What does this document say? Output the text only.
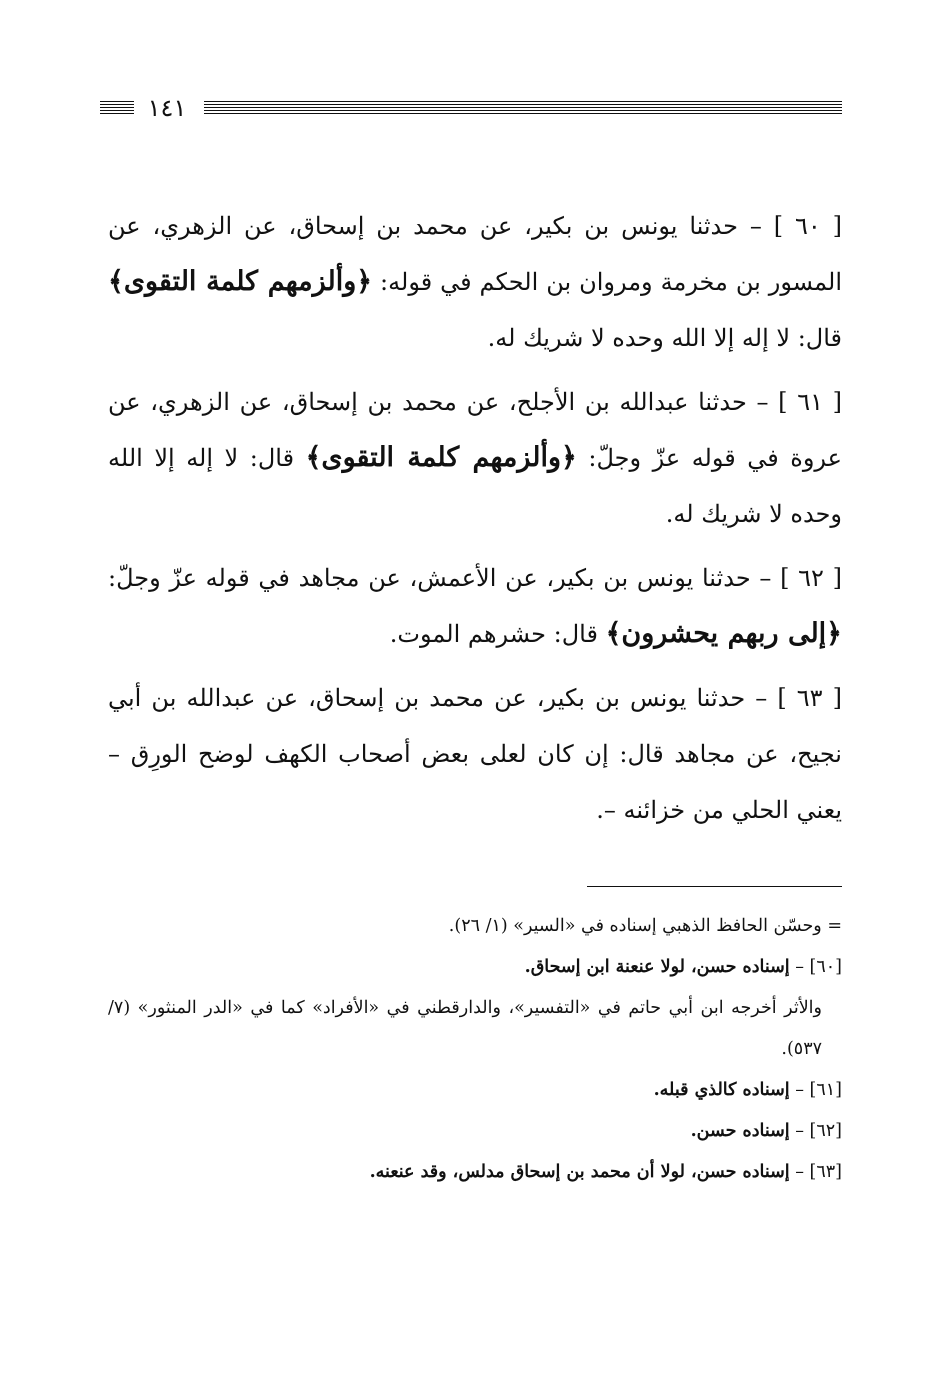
١٤١

[ ٦٠ ] – حدثنا يونس بن بكير، عن محمد بن إسحاق، عن الزهري، عن المسور بن مخرمة ومروان بن الحكم في قوله: ﴿وألزمهم كلمة التقوى﴾ قال: لا إله إلا الله وحده لا شريك له.

[ ٦١ ] – حدثنا عبدالله بن الأجلح، عن محمد بن إسحاق، عن الزهري، عن عروة في قوله عزّ وجلّ: ﴿وألزمهم كلمة التقوى﴾ قال: لا إله إلا الله وحده لا شريك له.

[ ٦٢ ] – حدثنا يونس بن بكير، عن الأعمش، عن مجاهد في قوله عزّ وجلّ: ﴿إلى ربهم يحشرون﴾ قال: حشرهم الموت.

[ ٦٣ ] – حدثنا يونس بن بكير، عن محمد بن إسحاق، عن عبدالله بن أبي نجيح، عن مجاهد قال: إن كان لعلى بعض أصحاب الكهف لوضح الورِق – يعني الحلي من خزائنه –.

= وحسّن الحافظ الذهبي إسناده في «السير» (١/ ٢٦).

[٦٠] – إسناده حسن، لولا عنعنة ابن إسحاق.

والأثر أخرجه ابن أبي حاتم في «التفسير»، والدارقطني في «الأفراد» كما في «الدر المنثور» (٧/ ٥٣٧).

[٦١] – إسناده كالذي قبله.

[٦٢] – إسناده حسن.

[٦٣] – إسناده حسن، لولا أن محمد بن إسحاق مدلس، وقد عنعنه.
